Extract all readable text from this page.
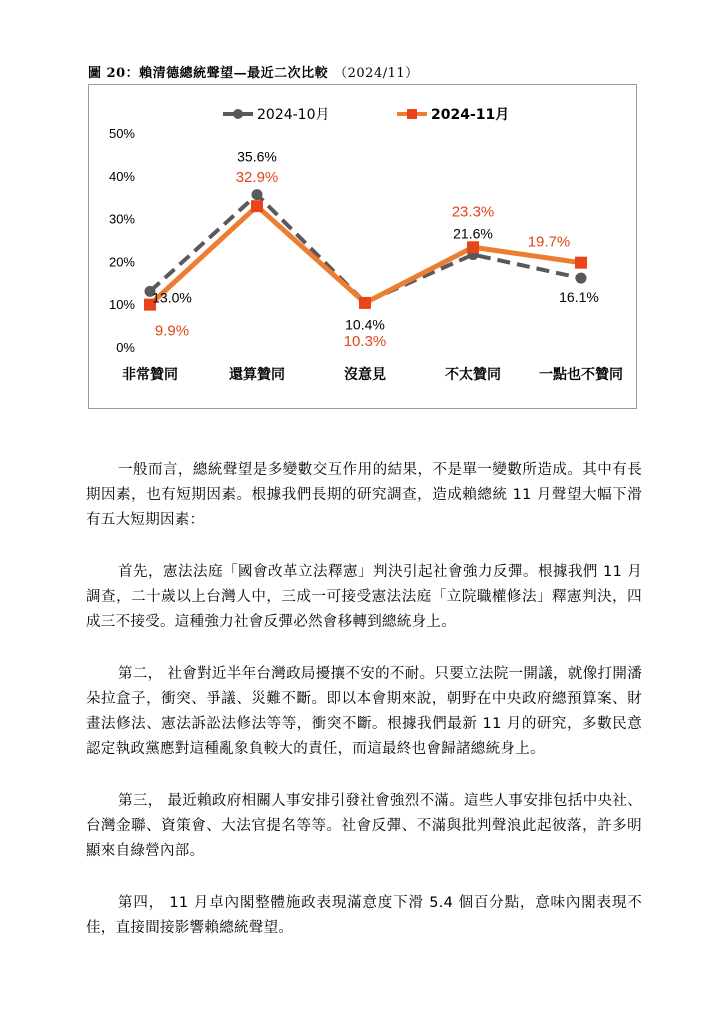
圖 20：賴清德總統聲望—最近二次比較 （2024/11）
0%
10%
20%
30%
40%
50%
非常贊同	還算贊同	沒意見	不太贊同	一點也不贊同
2024-10月	2024-11月
13.0%
35.6%
10.4%
21.6%
16.1%
9.9%
32.9%
10.3%
23.3%
19.7%

一般而言，總統聲望是多變數交互作用的結果，不是單一變數所造成。其中有長期因素，也有短期因素。根據我們長期的研究調查，造成賴總統 11 月聲望大幅下滑有五大短期因素：

首先，憲法法庭「國會改革立法釋憲」判決引起社會強力反彈。根據我們 11 月調查，二十歲以上台灣人中，三成一可接受憲法法庭「立院職權修法」釋憲判決，四成三不接受。這種強力社會反彈必然會移轉到總統身上。

第二， 社會對近半年台灣政局擾攘不安的不耐。只要立法院一開議，就像打開潘朵拉盒子，衝突、爭議、災難不斷。即以本會期來說，朝野在中央政府總預算案、財畫法修法、憲法訴訟法修法等等，衝突不斷。根據我們最新 11 月的研究，多數民意認定執政黨應對這種亂象負較大的責任，而這最終也會歸諸總統身上。

第三， 最近賴政府相關人事安排引發社會強烈不滿。這些人事安排包括中央社、台灣金聯、資策會、大法官提名等等。社會反彈、不滿與批判聲浪此起彼落，許多明顯來自綠營內部。

第四， 11 月卓內閣整體施政表現滿意度下滑 5.4 個百分點，意味內閣表現不佳，直接間接影響賴總統聲望。
